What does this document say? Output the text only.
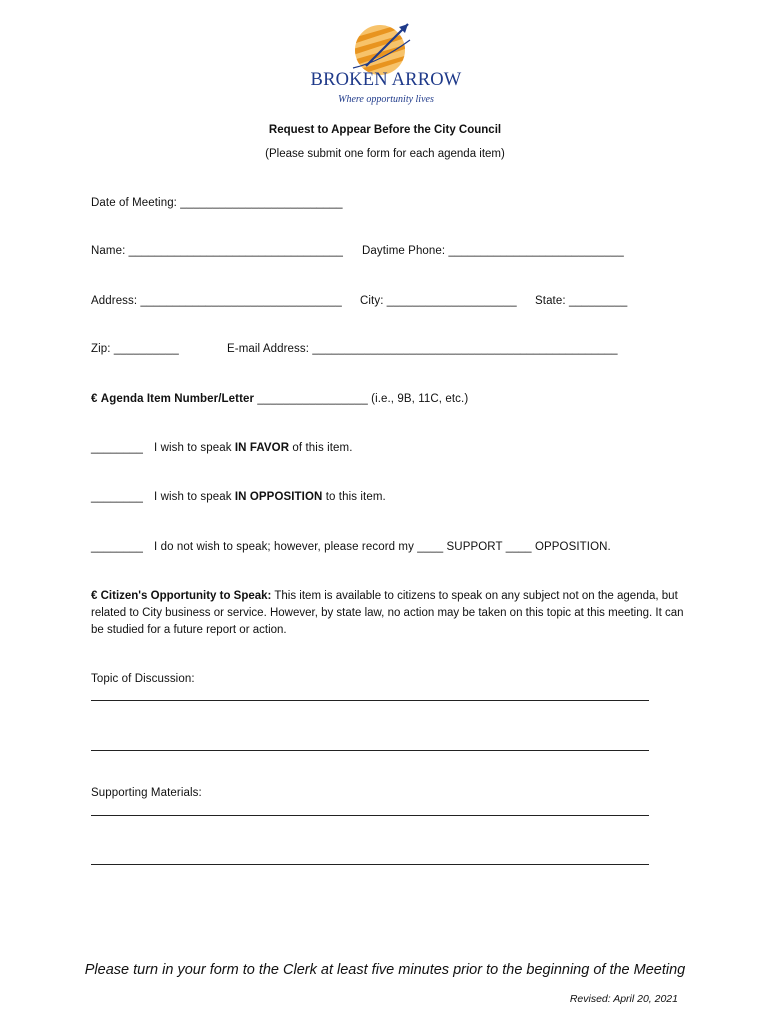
BROKEN ARROW
Where opportunity lives
Request to Appear Before the City Council
(Please submit one form for each agenda item)
Date of Meeting: _________________________
Name: _________________________________ Daytime Phone: ___________________________
Address: _______________________________ City: ____________________ State: _________
Zip: __________	E-mail Address: _______________________________________________
€ Agenda Item Number/Letter _________________ (i.e., 9B, 11C, etc.)
________ I wish to speak IN FAVOR of this item.
________ I wish to speak IN OPPOSITION to this item.
________ I do not wish to speak; however, please record my ____ SUPPORT ____ OPPOSITION.
€ Citizen's Opportunity to Speak: This item is available to citizens to speak on any subject not on the agenda, but related to City business or service. However, by state law, no action may be taken on this topic at this meeting. It can be studied for a future report or action.
Topic of Discussion:
Supporting Materials:
Please turn in your form to the Clerk at least five minutes prior to the beginning of the Meeting
Revised: April 20, 2021
